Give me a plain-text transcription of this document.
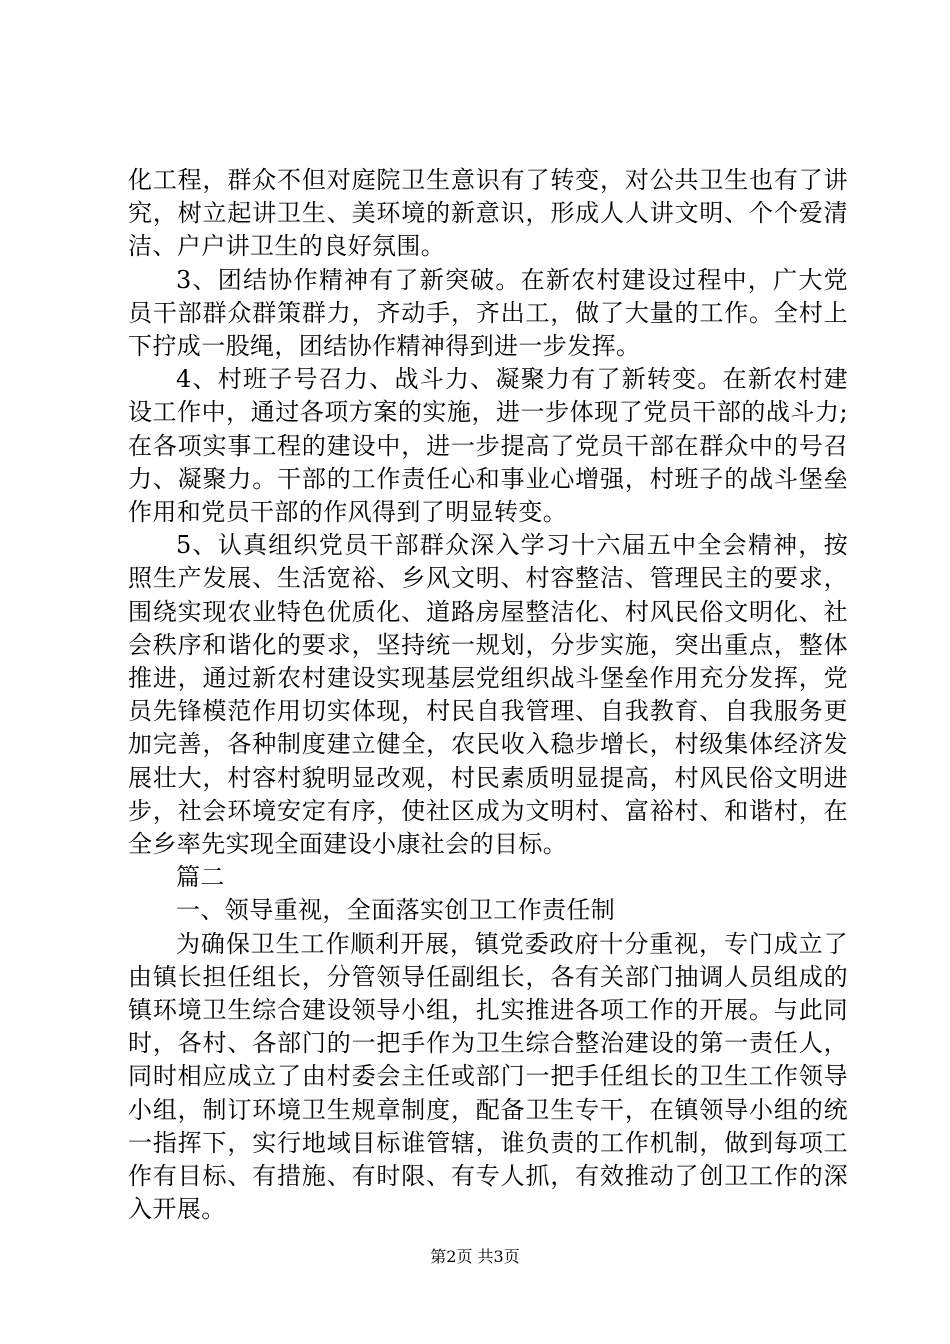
化工程，群众不但对庭院卫生意识有了转变，对公共卫生也有了讲究，树立起讲卫生、美环境的新意识，形成人人讲文明、个个爱清洁、户户讲卫生的良好氛围。

3、团结协作精神有了新突破。在新农村建设过程中，广大党员干部群众群策群力，齐动手，齐出工，做了大量的工作。全村上下拧成一股绳，团结协作精神得到进一步发挥。

4、村班子号召力、战斗力、凝聚力有了新转变。在新农村建设工作中，通过各项方案的实施，进一步体现了党员干部的战斗力;在各项实事工程的建设中，进一步提高了党员干部在群众中的号召力、凝聚力。干部的工作责任心和事业心增强，村班子的战斗堡垒作用和党员干部的作风得到了明显转变。

5、认真组织党员干部群众深入学习十六届五中全会精神，按照生产发展、生活宽裕、乡风文明、村容整洁、管理民主的要求，围绕实现农业特色优质化、道路房屋整洁化、村风民俗文明化、社会秩序和谐化的要求，坚持统一规划，分步实施，突出重点，整体推进，通过新农村建设实现基层党组织战斗堡垒作用充分发挥，党员先锋模范作用切实体现，村民自我管理、自我教育、自我服务更加完善，各种制度建立健全，农民收入稳步增长，村级集体经济发展壮大，村容村貌明显改观，村民素质明显提高，村风民俗文明进步，社会环境安定有序，使社区成为文明村、富裕村、和谐村，在全乡率先实现全面建设小康社会的目标。

篇二

一、领导重视，全面落实创卫工作责任制

为确保卫生工作顺利开展，镇党委政府十分重视，专门成立了由镇长担任组长，分管领导任副组长，各有关部门抽调人员组成的镇环境卫生综合建设领导小组，扎实推进各项工作的开展。与此同时，各村、各部门的一把手作为卫生综合整治建设的第一责任人，同时相应成立了由村委会主任或部门一把手任组长的卫生工作领导小组，制订环境卫生规章制度，配备卫生专干，在镇领导小组的统一指挥下，实行地域目标谁管辖，谁负责的工作机制，做到每项工作有目标、有措施、有时限、有专人抓，有效推动了创卫工作的深入开展。

第2页 共3页
